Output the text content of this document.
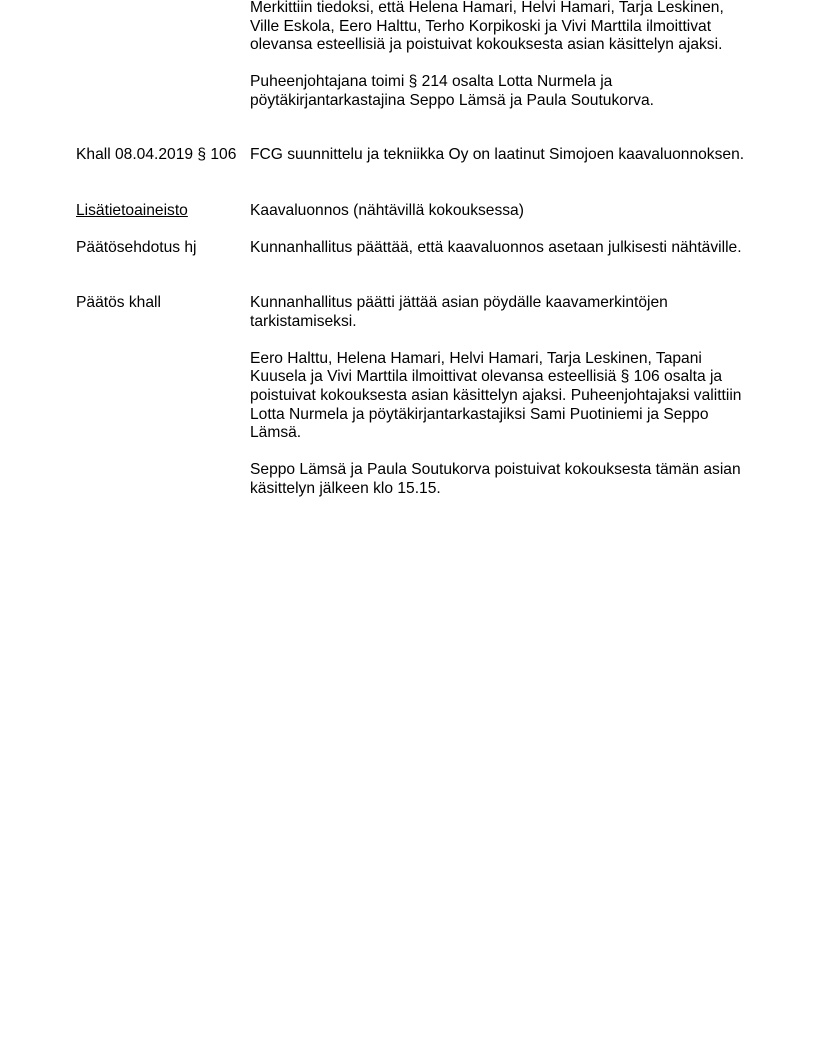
Merkittiin tiedoksi, että Helena Hamari, Helvi Hamari, Tarja Leskinen, Ville Eskola, Eero Halttu, Terho Korpikoski ja Vivi Marttila ilmoittivat olevansa esteellisiä ja poistuivat kokouksesta asian käsittelyn ajaksi.

Puheenjohtajana toimi § 214 osalta Lotta Nurmela ja pöytäkirjantarkastajina Seppo Lämsä ja Paula Soutukorva.

Khall 08.04.2019 § 106 FCG suunnittelu ja tekniikka Oy on laatinut Simojoen kaavaluonnoksen.

Lisätietoaineisto	Kaavaluonnos (nähtävillä kokouksessa)

Päätösehdotus hj	Kunnanhallitus päättää, että kaavaluonnos asetaan julkisesti nähtäville.

Päätös khall	Kunnanhallitus päätti jättää asian pöydälle kaavamerkintöjen tarkistamiseksi.

Eero Halttu, Helena Hamari, Helvi Hamari, Tarja Leskinen, Tapani Kuusela ja Vivi Marttila ilmoittivat olevansa esteellisiä § 106 osalta ja poistuivat kokouksesta asian käsittelyn ajaksi. Puheenjohtajaksi valittiin Lotta Nurmela ja pöytäkirjantarkastajiksi Sami Puotiniemi ja Seppo Lämsä.

Seppo Lämsä ja Paula Soutukorva poistuivat kokouksesta tämän asian käsittelyn jälkeen klo 15.15.
